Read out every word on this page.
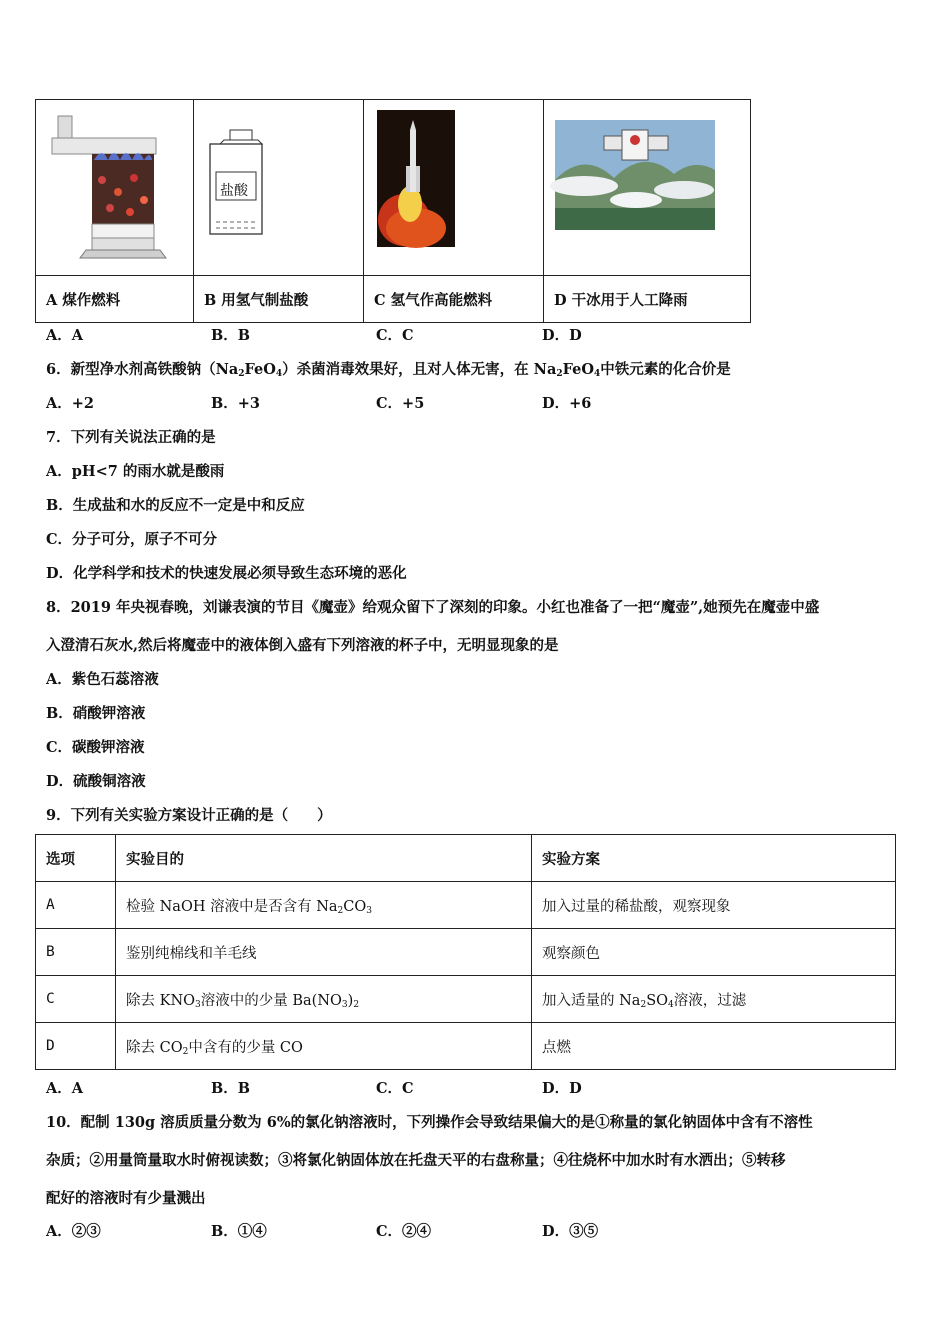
盐酸

A 煤作燃料	B 用氢气制盐酸	C 氢气作高能燃料	D 干冰用于人工降雨
A．A	B．B	C．C	D．D
6．新型净水剂高铁酸钠$(Na_2FeO_4)$杀菌消毒效果好，且对人体无害，在 $Na_2FeO_4$中铁元素的化合价是
A．+2	B．+3	C．+5	D．+6
7．下列有关说法正确的是
A．pH<7 的雨水就是酸雨
B．生成盐和水的反应不一定是中和反应
C．分子可分，原子不可分
D．化学科学和技术的快速发展必须导致生态环境的恶化
8．2019 年央视春晚，刘谦表演的节目《魔壶》给观众留下了深刻的印象。小红也准备了一把“魔壶”,她预先在魔壶中盛
入澄清石灰水,然后将魔壶中的液体倒入盛有下列溶液的杯子中，无明显现象的是
A．紫色石蕊溶液
B．硝酸钾溶液
C．碳酸钾溶液
D．硫酸铜溶液
9．下列有关实验方案设计正确的是（　　）
选项	实验目的	实验方案
A	检验 NaOH 溶液中是否含有 $Na_2CO_3$	加入过量的稀盐酸，观察现象
B	鉴别纯棉线和羊毛线	观察颜色
C	除去 $KNO_3$溶液中的少量 $Ba(NO_3)_2$	加入适量的 $Na_2SO_4$溶液，过滤
D	除去 $CO_2$中含有的少量 CO	点燃
A．A	B．B	C．C	D．D
10．配制 130g 溶质质量分数为 6%的氯化钠溶液时，下列操作会导致结果偏大的是①称量的氯化钠固体中含有不溶性
杂质；②用量筒量取水时俯视读数；③将氯化钠固体放在托盘天平的右盘称量；④往烧杯中加水时有水洒出；⑤转移
配好的溶液时有少量溅出
A．②③	B．①④	C．②④	D．③⑤
